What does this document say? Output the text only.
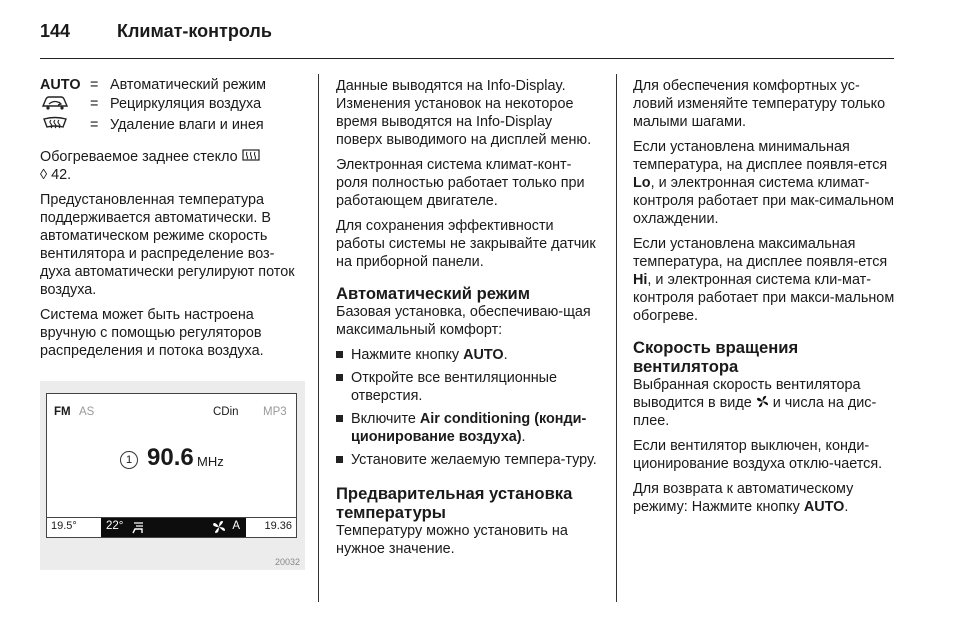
144	Климат-контроль
AUTO	=	Автоматический режим
	=	Рециркуляция воздуха
	=	Удаление влаги и инея

Обогреваемое заднее стекло
◊ 42.

Предустановленная температура поддерживается автоматически. В автоматическом режиме скорость вентилятора и распределение воз-духа автоматически регулируют поток воздуха.

Система может быть настроена вручную с помощью регуляторов распределения и потока воздуха.

FM AS	CDin MP3
1 90.6 MHz
19.5°	22°	A 19.36
20032

Данные выводятся на Info-Display. Изменения установок на некоторое время выводятся на Info-Display поверх выводимого на дисплей меню.

Электронная система климат-конт-роля полностью работает только при работающем двигателе.

Для сохранения эффективности работы системы не закрывайте датчик на приборной панели.

Автоматический режим

Базовая установка, обеспечиваю-щая максимальный комфорт:

Нажмите кнопку AUTO.
Откройте все вентиляционные отверстия.
Включите Air conditioning (конди-ционирование воздуха).
Установите желаемую темпера-туру.
Предварительная установка температуры

Температуру можно установить на нужное значение.

Для обеспечения комфортных ус-ловий изменяйте температуру только малыми шагами.

Если установлена минимальная температура, на дисплее появля-ется Lo, и электронная система климат-контроля работает при мак-симальном охлаждении.

Если установлена максимальная температура, на дисплее появля-ется Hi, и электронная система кли-мат-контроля работает при макси-мальном обогреве.

Скорость вращения вентилятора

Выбранная скорость вентилятора выводится в виде и числа на дис-плее.

Если вентилятор выключен, конди-ционирование воздуха отклю-чается.

Для возврата к автоматическому режиму: Нажмите кнопку AUTO.
